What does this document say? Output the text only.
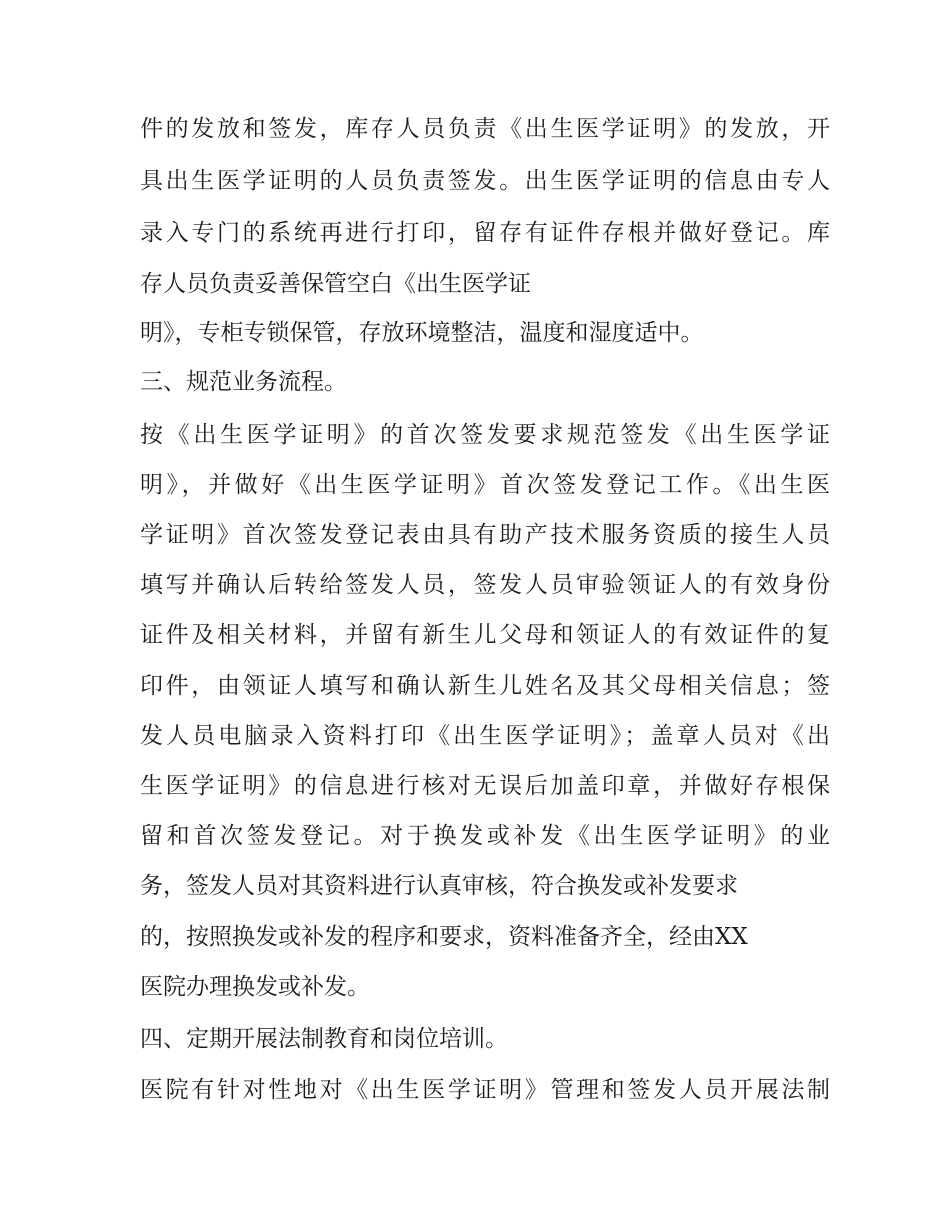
件的发放和签发，库存人员负责《出生医学证明》的发放，开
具出生医学证明的人员负责签发。出生医学证明的信息由专人
录入专门的系统再进行打印，留存有证件存根并做好登记。库
存人员负责妥善保管空白《出生医学证
明》，专柜专锁保管，存放环境整洁，温度和湿度适中。
三、规范业务流程。
按《出生医学证明》的首次签发要求规范签发《出生医学证
明》，并做好《出生医学证明》首次签发登记工作。《出生医
学证明》首次签发登记表由具有助产技术服务资质的接生人员
填写并确认后转给签发人员，签发人员审验领证人的有效身份
证件及相关材料，并留有新生儿父母和领证人的有效证件的复
印件，由领证人填写和确认新生儿姓名及其父母相关信息；签
发人员电脑录入资料打印《出生医学证明》；盖章人员对《出
生医学证明》的信息进行核对无误后加盖印章，并做好存根保
留和首次签发登记。对于换发或补发《出生医学证明》的业
务，签发人员对其资料进行认真审核，符合换发或补发要求
的，按照换发或补发的程序和要求，资料准备齐全，经由XX
医院办理换发或补发。
四、定期开展法制教育和岗位培训。
医院有针对性地对《出生医学证明》管理和签发人员开展法制
